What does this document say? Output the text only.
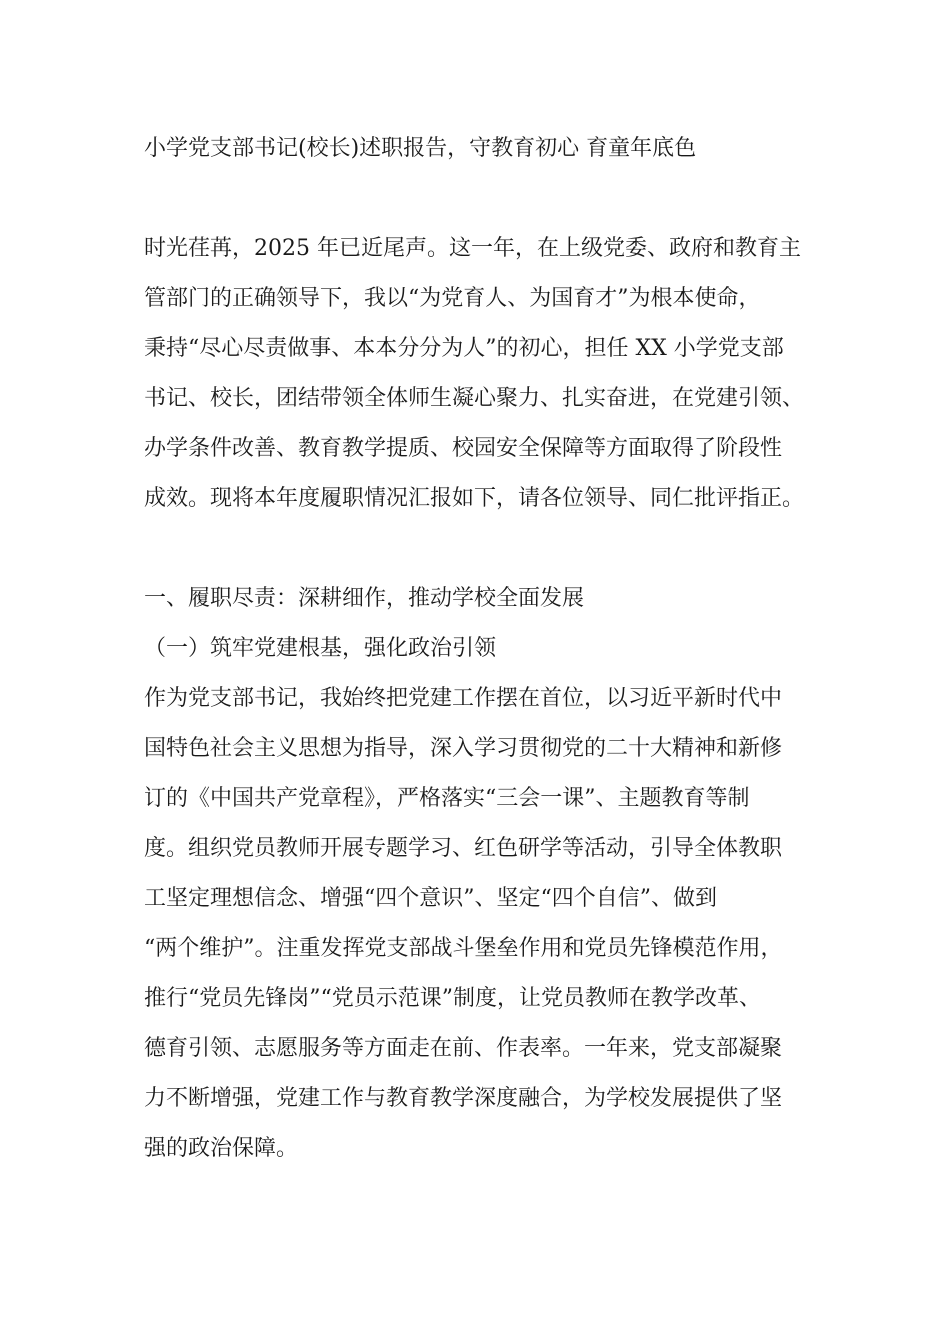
小学党支部书记(校长)述职报告，守教育初心 育童年底色
时光荏苒，2025 年已近尾声。这一年，在上级党委、政府和教育主
管部门的正确领导下，我以“为党育人、为国育才”为根本使命，
秉持“尽心尽责做事、本本分分为人”的初心，担任 XX 小学党支部
书记、校长，团结带领全体师生凝心聚力、扎实奋进，在党建引领、
办学条件改善、教育教学提质、校园安全保障等方面取得了阶段性
成效。现将本年度履职情况汇报如下，请各位领导、同仁批评指正。
一、履职尽责：深耕细作，推动学校全面发展
（一）筑牢党建根基，强化政治引领
作为党支部书记，我始终把党建工作摆在首位，以习近平新时代中
国特色社会主义思想为指导，深入学习贯彻党的二十大精神和新修
订的《中国共产党章程》，严格落实“三会一课”、主题教育等制
度。组织党员教师开展专题学习、红色研学等活动，引导全体教职
工坚定理想信念、增强“四个意识”、坚定“四个自信”、做到
“两个维护”。注重发挥党支部战斗堡垒作用和党员先锋模范作用，
推行“党员先锋岗”“党员示范课”制度，让党员教师在教学改革、
德育引领、志愿服务等方面走在前、作表率。一年来，党支部凝聚
力不断增强，党建工作与教育教学深度融合，为学校发展提供了坚
强的政治保障。
